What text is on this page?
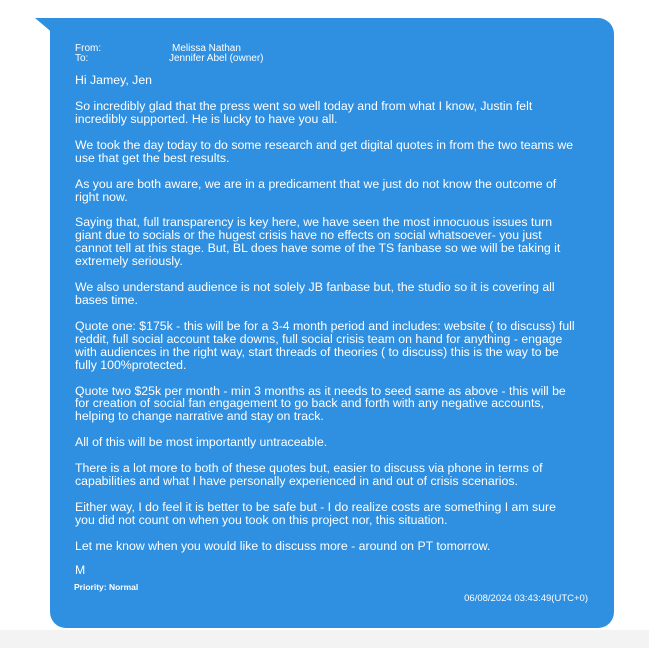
From:	Melissa Nathan
To:	Jennifer Abel (owner)

Hi Jamey, Jen

So incredibly glad that the press went so well today and from what I know, Justin felt
incredibly supported. He is lucky to have you all.

We took the day today to do some research and get digital quotes in from the two teams we
use that get the best results.

As you are both aware, we are in a predicament that we just do not know the outcome of
right now.

Saying that, full transparency is key here, we have seen the most innocuous issues turn
giant due to socials or the hugest crisis have no effects on social whatsoever- you just
cannot tell at this stage. But, BL does have some of the TS fanbase so we will be taking it
extremely seriously.

We also understand audience is not solely JB fanbase but, the studio so it is covering all
bases time.

Quote one: $175k - this will be for a 3-4 month period and includes: website ( to discuss) full
reddit, full social account take downs, full social crisis team on hand for anything - engage
with audiences in the right way, start threads of theories ( to discuss) this is the way to be
fully 100%protected.

Quote two $25k per month - min 3 months as it needs to seed same as above - this will be
for creation of social fan engagement to go back and forth with any negative accounts,
helping to change narrative and stay on track.

All of this will be most importantly untraceable.

There is a lot more to both of these quotes but, easier to discuss via phone in terms of
capabilities and what I have personally experienced in and out of crisis scenarios.

Either way, I do feel it is better to be safe but - I do realize costs are something I am sure
you did not count on when you took on this project nor, this situation.

Let me know when you would like to discuss more - around on PT tomorrow.

M

Priority: Normal

06/08/2024 03:43:49(UTC+0)
